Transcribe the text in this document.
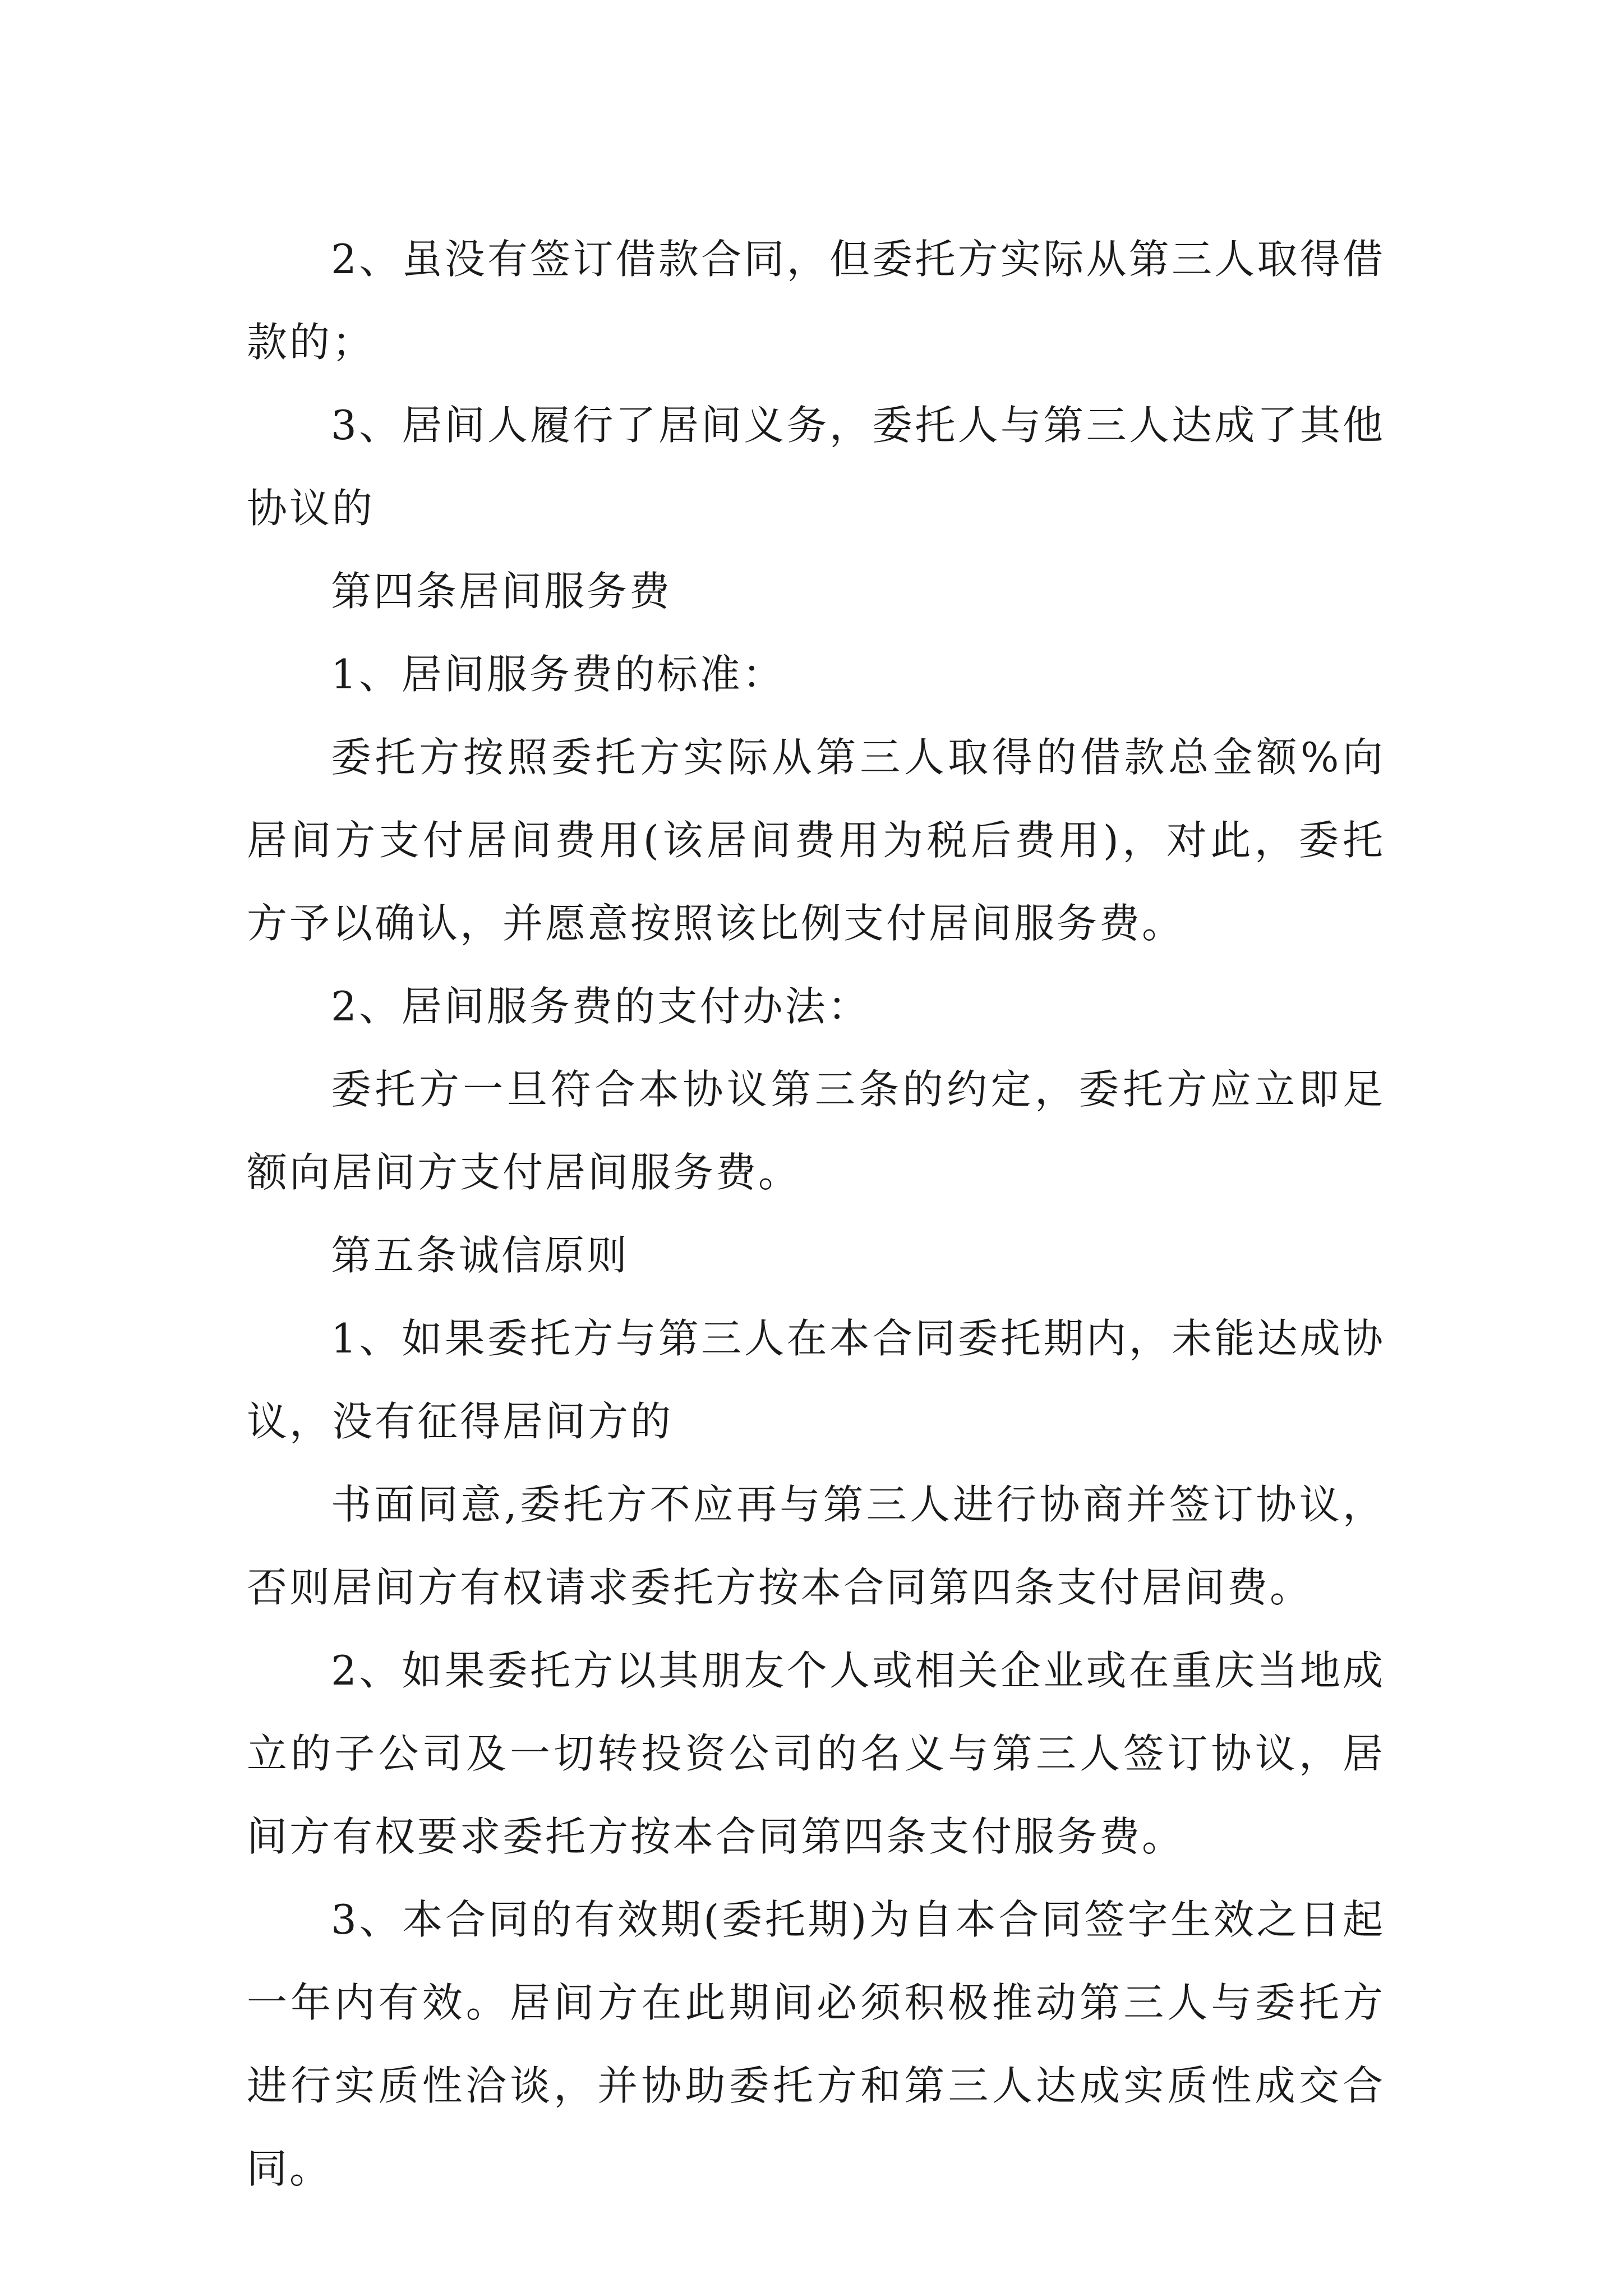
2、虽没有签订借款合同，但委托方实际从第三人取得借款的；

3、居间人履行了居间义务，委托人与第三人达成了其他协议的

第四条居间服务费

1、居间服务费的标准：

委托方按照委托方实际从第三人取得的借款总金额%向居间方支付居间费用(该居间费用为税后费用)，对此，委托方予以确认，并愿意按照该比例支付居间服务费。

2、居间服务费的支付办法：

委托方一旦符合本协议第三条的约定，委托方应立即足额向居间方支付居间服务费。

第五条诚信原则

1、如果委托方与第三人在本合同委托期内，未能达成协议，没有征得居间方的

书面同意,委托方不应再与第三人进行协商并签订协议，否则居间方有权请求委托方按本合同第四条支付居间费。

2、如果委托方以其朋友个人或相关企业或在重庆当地成立的子公司及一切转投资公司的名义与第三人签订协议，居间方有权要求委托方按本合同第四条支付服务费。

3、本合同的有效期(委托期)为自本合同签字生效之日起一年内有效。居间方在此期间必须积极推动第三人与委托方进行实质性洽谈，并协助委托方和第三人达成实质性成交合同。
